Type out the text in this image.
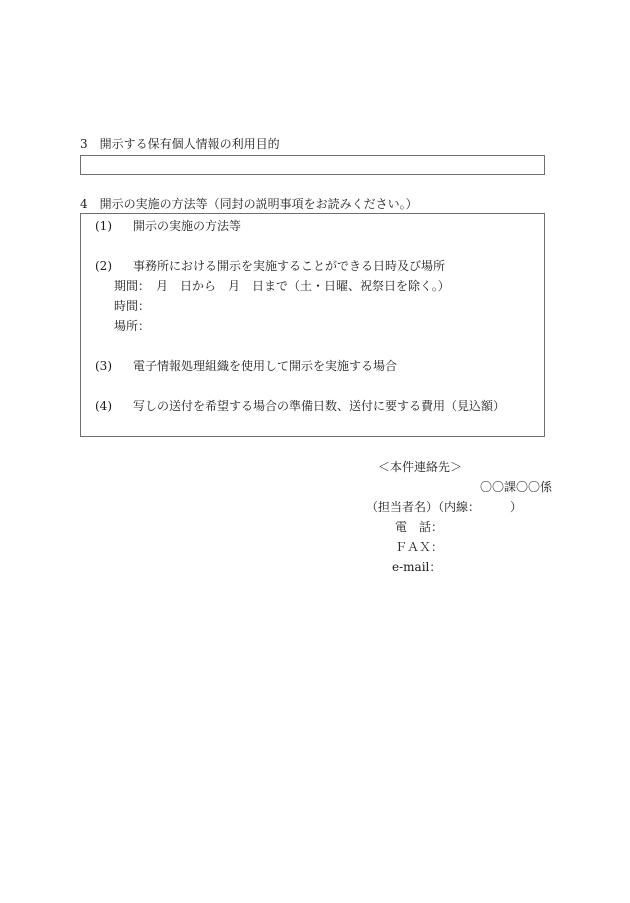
3　開示する保有個人情報の利用目的
4　開示の実施の方法等（同封の説明事項をお読みください。）
(1) 開示の実施の方法等
(2) 事務所における開示を実施することができる日時及び場所
期間：　月　日から　月　日まで（土・日曜、祝祭日を除く。）
時間：
場所：
(3) 電子情報処理組織を使用して開示を実施する場合
(4) 写しの送付を希望する場合の準備日数、送付に要する費用（見込額）
＜本件連絡先＞
〇〇課〇〇係
（担当者名）（内線：　　　）
電　話：
ＦＡＸ：
e-mail：
